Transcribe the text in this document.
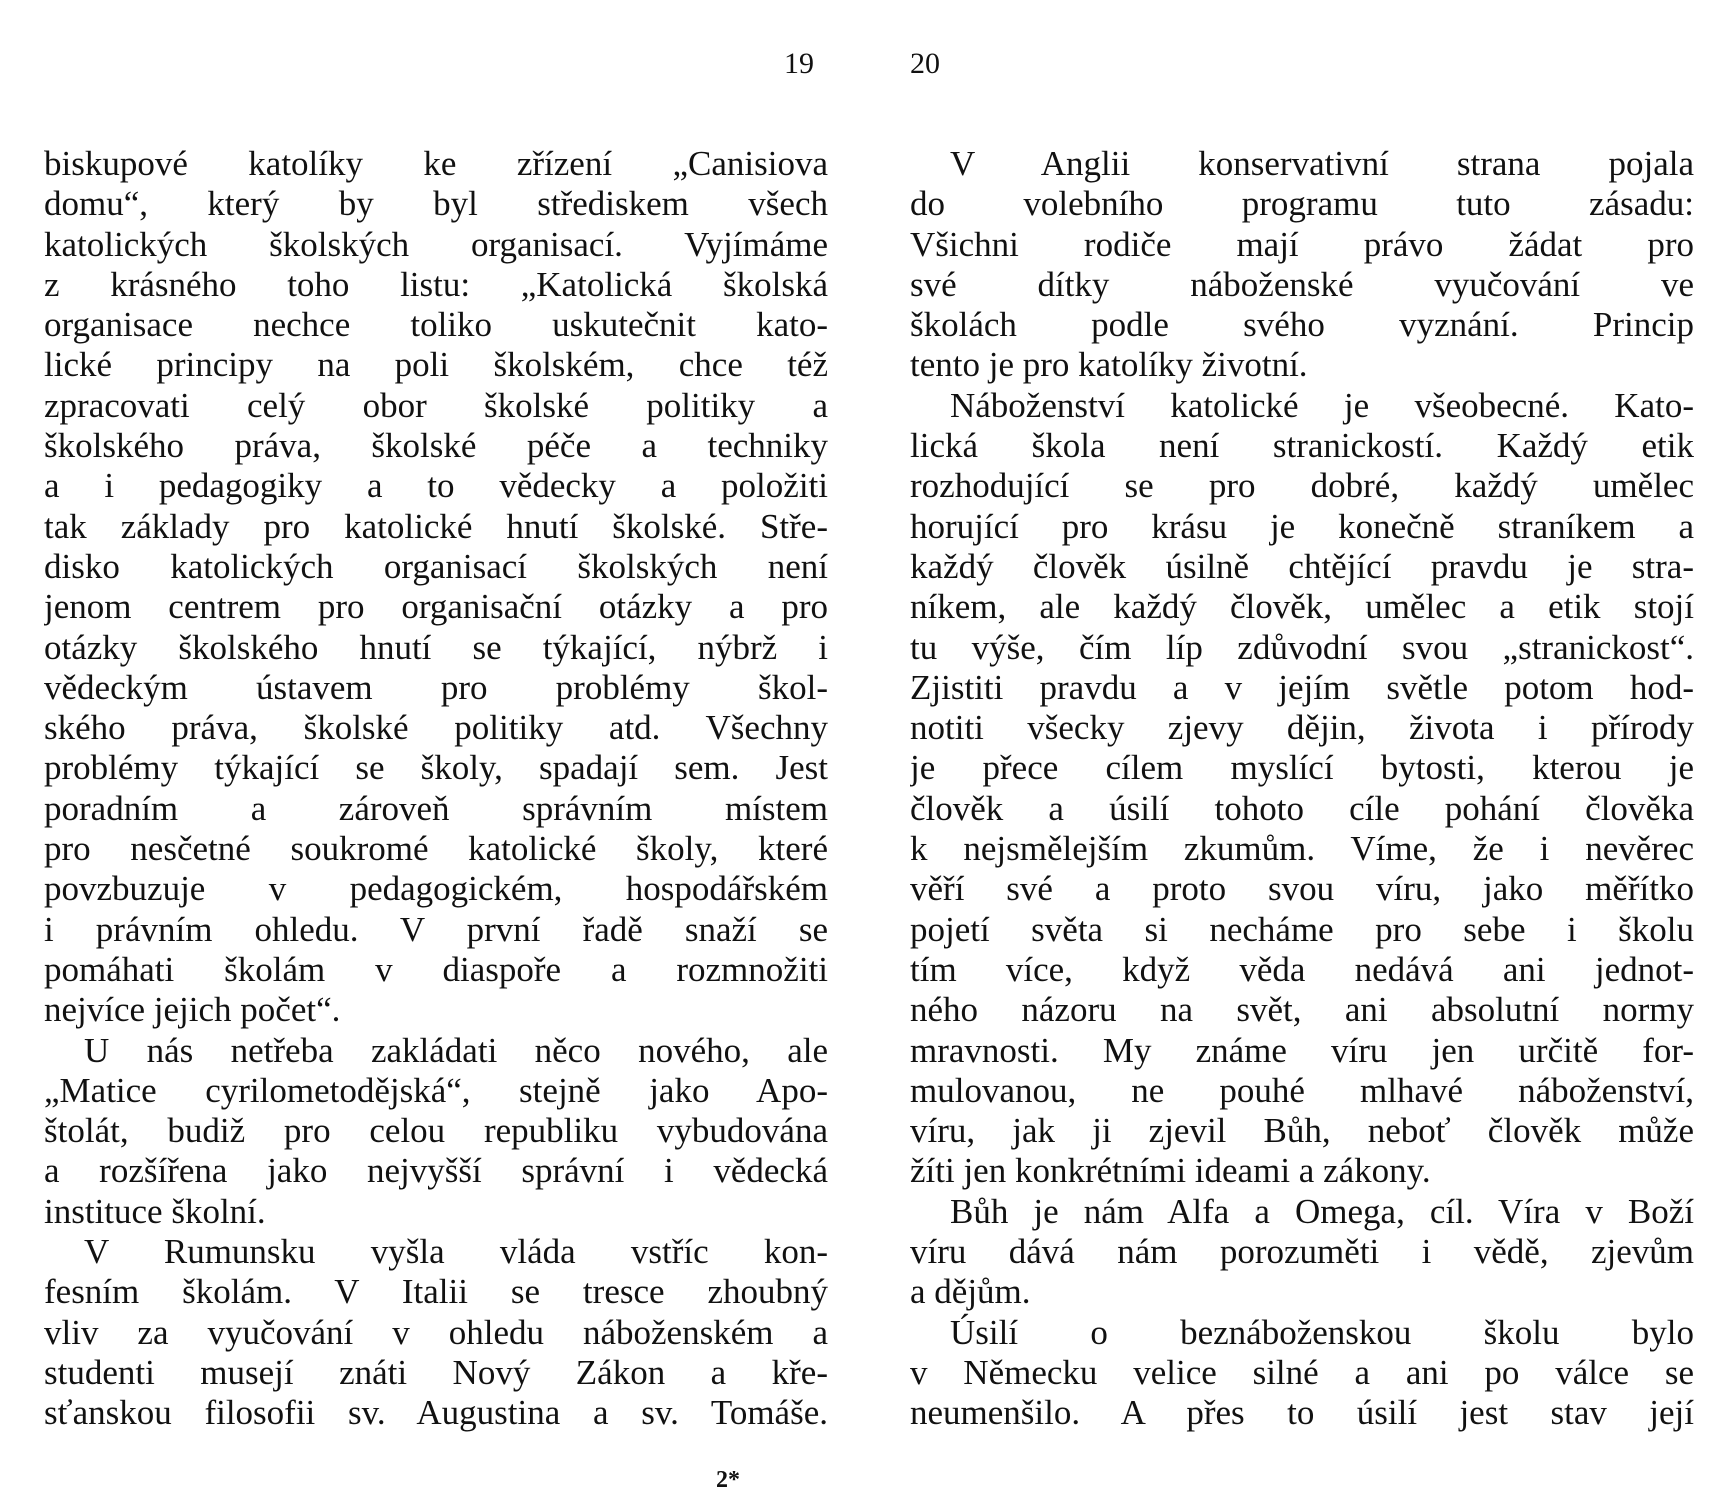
19	20
biskupové katolíky ke zřízení „Canisiova
domu“, který by byl střediskem všech
katolických školských organisací. Vyjímáme
z krásného toho listu: „Katolická školská
organisace nechce toliko uskutečnit kato-
lické principy na poli školském, chce též
zpracovati celý obor školské politiky a
školského práva, školské péče a techniky
a i pedagogiky a to vědecky a položiti
tak základy pro katolické hnutí školské. Stře-
disko katolických organisací školských není
jenom centrem pro organisační otázky a pro
otázky školského hnutí se týkající, nýbrž i
vědeckým ústavem pro problémy škol-
ského práva, školské politiky atd. Všechny
problémy týkající se školy, spadají sem. Jest
poradním a zároveň správním místem
pro nesčetné soukromé katolické školy, které
povzbuzuje v pedagogickém, hospodářském
i právním ohledu. V první řadě snaží se
pomáhati školám v diaspoře a rozmnožiti
nejvíce jejich počet“.
U nás netřeba zakládati něco nového, ale
„Matice cyrilometodějská“, stejně jako Apo-
štolát, budiž pro celou republiku vybudována
a rozšířena jako nejvyšší správní i vědecká
instituce školní.
V Rumunsku vyšla vláda vstříc kon-
fesním školám. V Italii se tresce zhoubný
vliv za vyučování v ohledu náboženském a
studenti musejí znáti Nový Zákon a kře-
sťanskou filosofii sv. Augustina a sv. Tomáše.
V Anglii konservativní strana pojala
do volebního programu tuto zásadu:
Všichni rodiče mají právo žádat pro
své dítky náboženské vyučování ve
školách podle svého vyznání. Princip
tento je pro katolíky životní.
Náboženství katolické je všeobecné. Kato-
lická škola není stranickostí. Každý etik
rozhodující se pro dobré, každý umělec
horující pro krásu je konečně straníkem a
každý člověk úsilně chtějící pravdu je stra-
níkem, ale každý člověk, umělec a etik stojí
tu výše, čím líp zdůvodní svou „stranickost“.
Zjistiti pravdu a v jejím světle potom hod-
notiti všecky zjevy dějin, života i přírody
je přece cílem myslící bytosti, kterou je
člověk a úsilí tohoto cíle pohání člověka
k nejsmělejším zkumům. Víme, že i nevěrec
věří své a proto svou víru, jako měřítko
pojetí světa si necháme pro sebe i školu
tím více, když věda nedává ani jednot-
ného názoru na svět, ani absolutní normy
mravnosti. My známe víru jen určitě for-
mulovanou, ne pouhé mlhavé náboženství,
víru, jak ji zjevil Bůh, neboť člověk může
žíti jen konkrétními ideami a zákony.
Bůh je nám Alfa a Omega, cíl. Víra v Boží
víru dává nám porozuměti i vědě, zjevům
a dějům.
Úsilí o beznáboženskou školu bylo
v Německu velice silné a ani po válce se
neumenšilo. A přes to úsilí jest stav její
2*
